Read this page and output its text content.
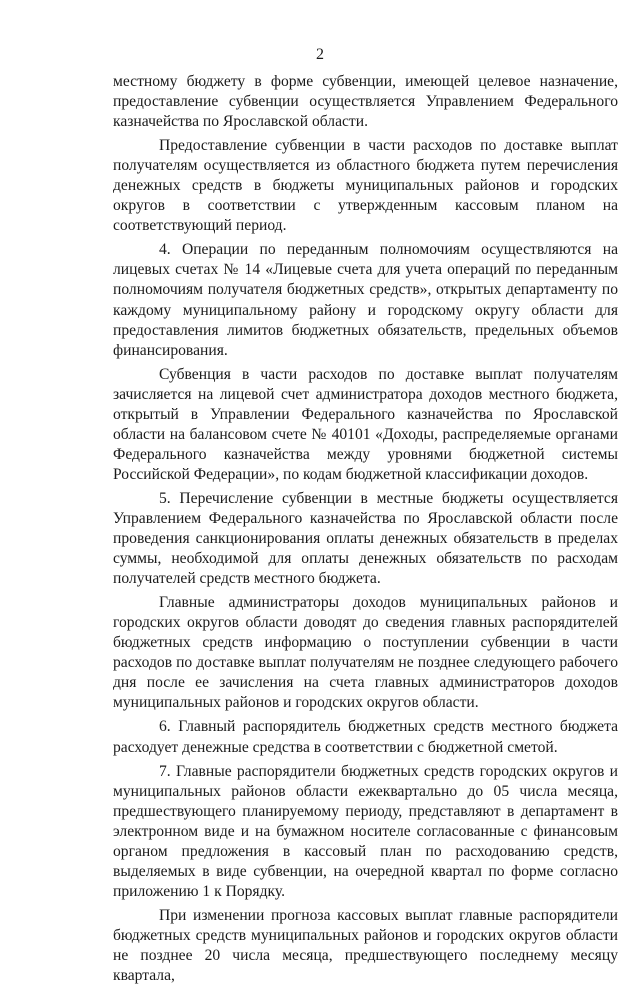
2

местному бюджету в форме субвенции, имеющей целевое назначение, предоставление субвенции осуществляется Управлением Федерального казначейства по Ярославской области.

Предоставление субвенции в части расходов по доставке выплат получателям осуществляется из областного бюджета путем перечисления денежных средств в бюджеты муниципальных районов и городских округов в соответствии с утвержденным кассовым планом на соответствующий период.

4. Операции по переданным полномочиям осуществляются на лицевых счетах № 14 «Лицевые счета для учета операций по переданным полномочиям получателя бюджетных средств», открытых департаменту по каждому муниципальному району и городскому округу области для предоставления лимитов бюджетных обязательств, предельных объемов финансирования.

Субвенция в части расходов по доставке выплат получателям зачисляется на лицевой счет администратора доходов местного бюджета, открытый в Управлении Федерального казначейства по Ярославской области на балансовом счете № 40101 «Доходы, распределяемые органами Федерального казначейства между уровнями бюджетной системы Российской Федерации», по кодам бюджетной классификации доходов.

5. Перечисление субвенции в местные бюджеты осуществляется Управлением Федерального казначейства по Ярославской области после проведения санкционирования оплаты денежных обязательств в пределах суммы, необходимой для оплаты денежных обязательств по расходам получателей средств местного бюджета.

Главные администраторы доходов муниципальных районов и городских округов области доводят до сведения главных распорядителей бюджетных средств информацию о поступлении субвенции в части расходов по доставке выплат получателям не позднее следующего рабочего дня после ее зачисления на счета главных администраторов доходов муниципальных районов и городских округов области.

6. Главный распорядитель бюджетных средств местного бюджета расходует денежные средства в соответствии с бюджетной сметой.

7. Главные распорядители бюджетных средств городских округов и муниципальных районов области ежеквартально до 05 числа месяца, предшествующего планируемому периоду, представляют в департамент в электронном виде и на бумажном носителе согласованные с финансовым органом предложения в кассовый план по расходованию средств, выделяемых в виде субвенции, на очередной квартал по форме согласно приложению 1 к Порядку.

При изменении прогноза кассовых выплат главные распорядители бюджетных средств муниципальных районов и городских округов области не позднее 20 числа месяца, предшествующего последнему месяцу квартала,
